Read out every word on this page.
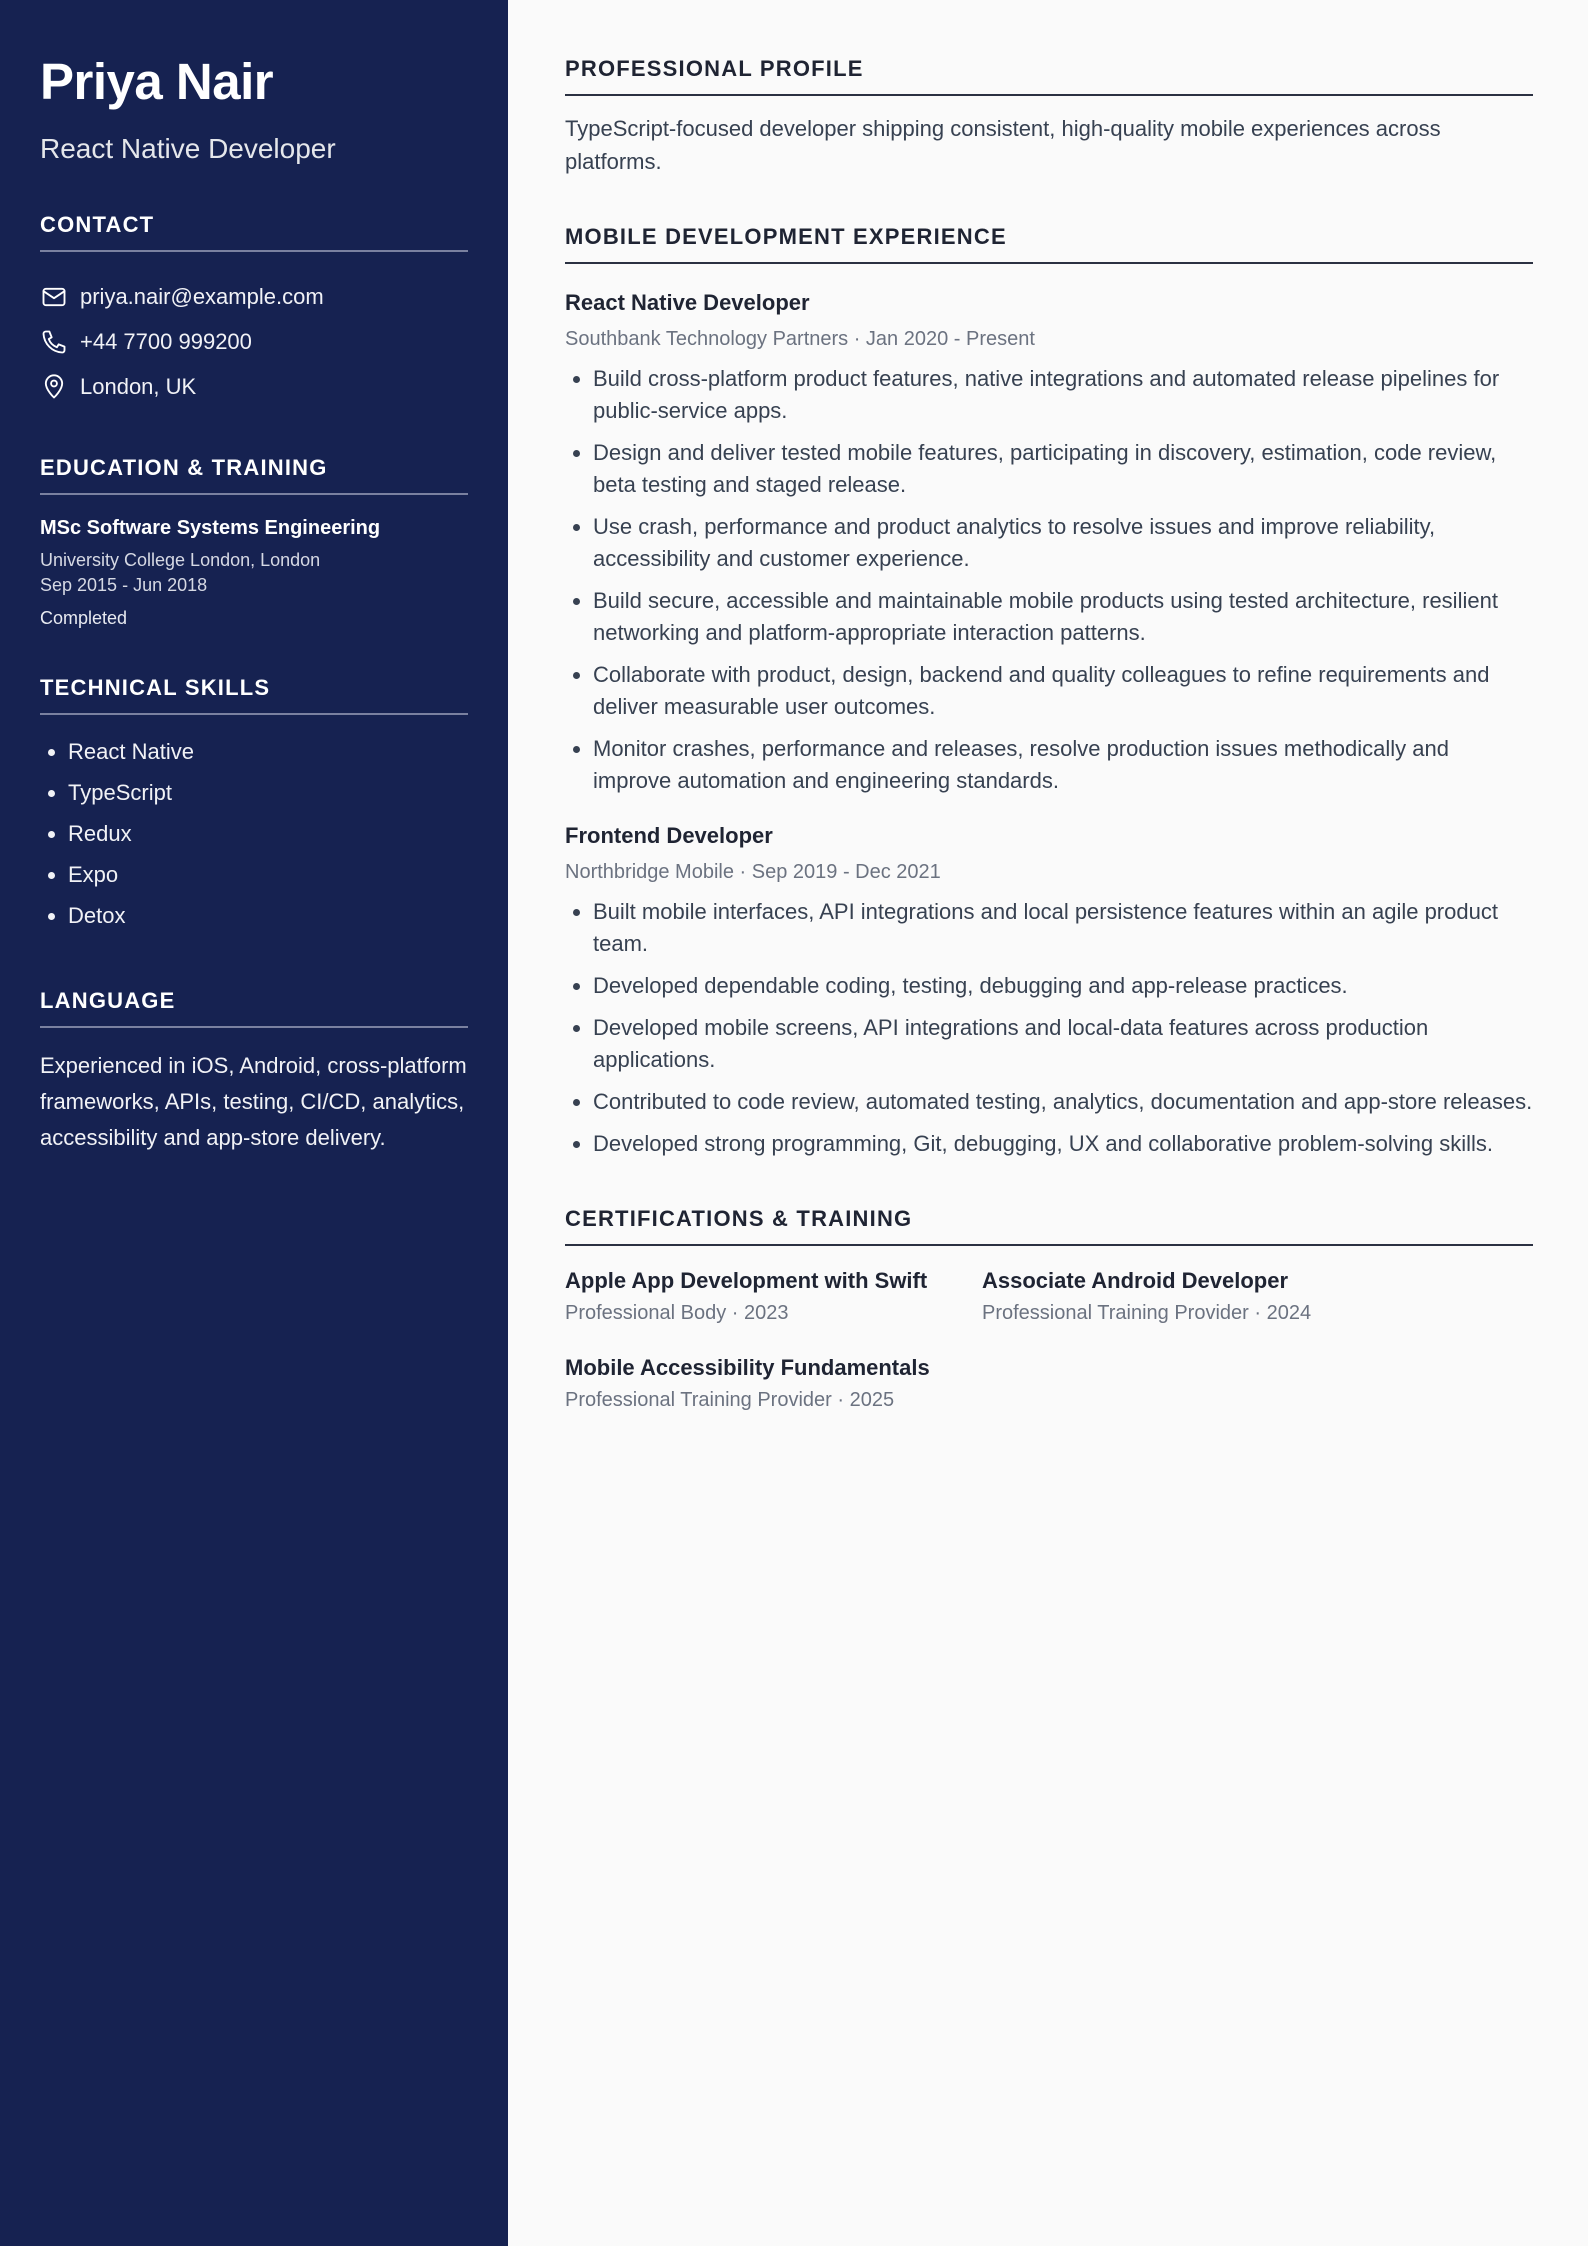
Priya Nair
React Native Developer
CONTACT
priya.nair@example.com
+44 7700 999200
London, UK
EDUCATION & TRAINING
MSc Software Systems Engineering
University College London, London
Sep 2015 - Jun 2018
Completed
TECHNICAL SKILLS
• React Native
• TypeScript
• Redux
• Expo
• Detox
LANGUAGE
Experienced in iOS, Android, cross-platform frameworks, APIs, testing, CI/CD, analytics, accessibility and app-store delivery.
PROFESSIONAL PROFILE
TypeScript-focused developer shipping consistent, high-quality mobile experiences across platforms.
MOBILE DEVELOPMENT EXPERIENCE
React Native Developer
Southbank Technology Partners · Jan 2020 - Present
• Build cross-platform product features, native integrations and automated release pipelines for public-service apps.
• Design and deliver tested mobile features, participating in discovery, estimation, code review, beta testing and staged release.
• Use crash, performance and product analytics to resolve issues and improve reliability, accessibility and customer experience.
• Build secure, accessible and maintainable mobile products using tested architecture, resilient networking and platform-appropriate interaction patterns.
• Collaborate with product, design, backend and quality colleagues to refine requirements and deliver measurable user outcomes.
• Monitor crashes, performance and releases, resolve production issues methodically and improve automation and engineering standards.
Frontend Developer
Northbridge Mobile · Sep 2019 - Dec 2021
• Built mobile interfaces, API integrations and local persistence features within an agile product team.
• Developed dependable coding, testing, debugging and app-release practices.
• Developed mobile screens, API integrations and local-data features across production applications.
• Contributed to code review, automated testing, analytics, documentation and app-store releases.
• Developed strong programming, Git, debugging, UX and collaborative problem-solving skills.
CERTIFICATIONS & TRAINING
Apple App Development with Swift
Professional Body · 2023
Associate Android Developer
Professional Training Provider · 2024
Mobile Accessibility Fundamentals
Professional Training Provider · 2025
